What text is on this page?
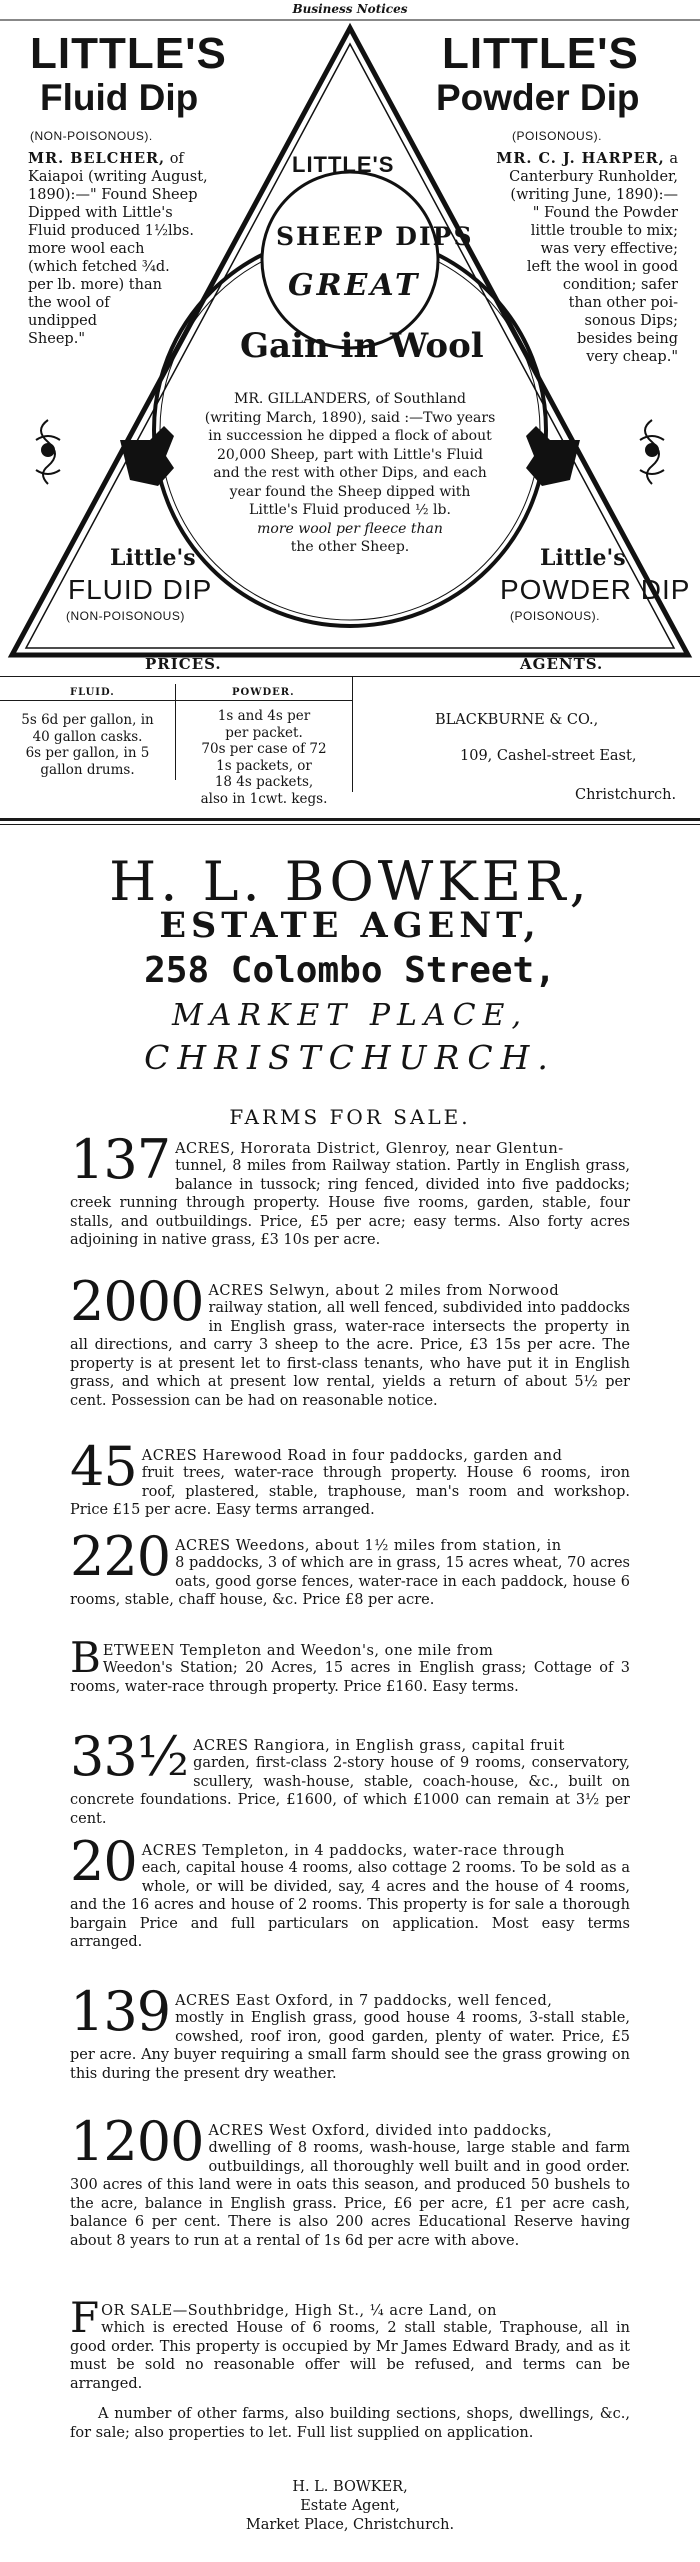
Business Notices
LITTLE'S
Fluid Dip
(NON-POISONOUS).
LITTLE'S
Powder Dip
(POISONOUS).
LITTLE'S
MR. BELCHER, of
Kaiapoi (writing August,
1890):—" Found Sheep
Dipped with Little's
Fluid produced 1½lbs.
more wool each
(which fetched ¾d.
per lb. more) than
the wool of
undipped
Sheep."
MR. C. J. HARPER, a
Canterbury Runholder,
(writing June, 1890):—
" Found the Powder
little trouble to mix;
was very effective;
left the wool in good
condition; safer
than other poi-
sonous Dips;
besides being
very cheap."
SHEEP DIPS
GREAT
Gain in Wool
MR. GILLANDERS, of Southland
(writing March, 1890), said :—Two years
in succession he dipped a flock of about
20,000 Sheep, part with Little's Fluid
and the rest with other Dips, and each
year found the Sheep dipped with
Little's Fluid produced ½ lb.
more wool per fleece than
the other Sheep.
Little's
FLUID DIP
(NON-POISONOUS)
Little's
POWDER DIP
(POISONOUS).
PRICES.	AGENTS.
FLUID.	POWDER.
5s 6d per gallon, in
40 gallon casks.
6s per gallon, in 5
gallon drums.
1s and 4s per
per packet.
70s per case of 72
1s packets, or
18 4s packets,
also in 1cwt. kegs.
BLACKBURNE & CO.,
109, Cashel-street East,
Christchurch.
H. L. BOWKER,
ESTATE AGENT,
258 Colombo Street,
MARKET PLACE,
CHRISTCHURCH.
FARMS FOR SALE.
137 ACRES, Hororata District, Glenroy, near Glentun-
tunnel, 8 miles from Railway station. Partly in English grass, balance in tussock; ring fenced, divided into five paddocks; creek running through property. House five rooms, garden, stable, four stalls, and outbuildings. Price, £5 per acre; easy terms. Also forty acres adjoining in native grass, £3 10s per acre.
2000 ACRES Selwyn, about 2 miles from Norwood
railway station, all well fenced, subdivided into paddocks in English grass, water-race intersects the property in all directions, and carry 3 sheep to the acre. Price, £3 15s per acre. The property is at present let to first-class tenants, who have put it in English grass, and which at present low rental, yields a return of about 5½ per cent. Possession can be had on reasonable notice.
45 ACRES Harewood Road in four paddocks, garden and
fruit trees, water-race through property. House 6 rooms, iron roof, plastered, stable, traphouse, man's room and workshop. Price £15 per acre. Easy terms arranged.
220 ACRES Weedons, about 1½ miles from station, in
8 paddocks, 3 of which are in grass, 15 acres wheat, 70 acres oats, good gorse fences, water-race in each paddock, house 6 rooms, stable, chaff house, &c. Price £8 per acre.
B ETWEEN Templeton and Weedon's, one mile from
Weedon's Station; 20 Acres, 15 acres in English grass; Cottage of 3 rooms, water-race through property. Price £160. Easy terms.
33½ ACRES Rangiora, in English grass, capital fruit
garden, first-class 2-story house of 9 rooms, conservatory, scullery, wash-house, stable, coach-house, &c., built on concrete foundations. Price, £1600, of which £1000 can remain at 3½ per cent.
20 ACRES Templeton, in 4 paddocks, water-race through
each, capital house 4 rooms, also cottage 2 rooms. To be sold as a whole, or will be divided, say, 4 acres and the house of 4 rooms, and the 16 acres and house of 2 rooms. This property is for sale a thorough bargain Price and full particulars on application. Most easy terms arranged.
139 ACRES East Oxford, in 7 paddocks, well fenced,
mostly in English grass, good house 4 rooms, 3-stall stable, cowshed, roof iron, good garden, plenty of water. Price, £5 per acre. Any buyer requiring a small farm should see the grass growing on this during the present dry weather.
1200 ACRES West Oxford, divided into paddocks,
dwelling of 8 rooms, wash-house, large stable and farm outbuildings, all thoroughly well built and in good order. 300 acres of this land were in oats this season, and produced 50 bushels to the acre, balance in English grass. Price, £6 per acre, £1 per acre cash, balance 6 per cent. There is also 200 acres Educational Reserve having about 8 years to run at a rental of 1s 6d per acre with above.
F OR SALE—Southbridge, High St., ¼ acre Land, on
which is erected House of 6 rooms, 2 stall stable, Traphouse, all in good order. This property is occupied by Mr James Edward Brady, and as it must be sold no reasonable offer will be refused, and terms can be arranged.
A number of other farms, also building sections, shops, dwellings, &c., for sale; also properties to let. Full list supplied on application.
H. L. BOWKER,
Estate Agent,
Market Place, Christchurch.
